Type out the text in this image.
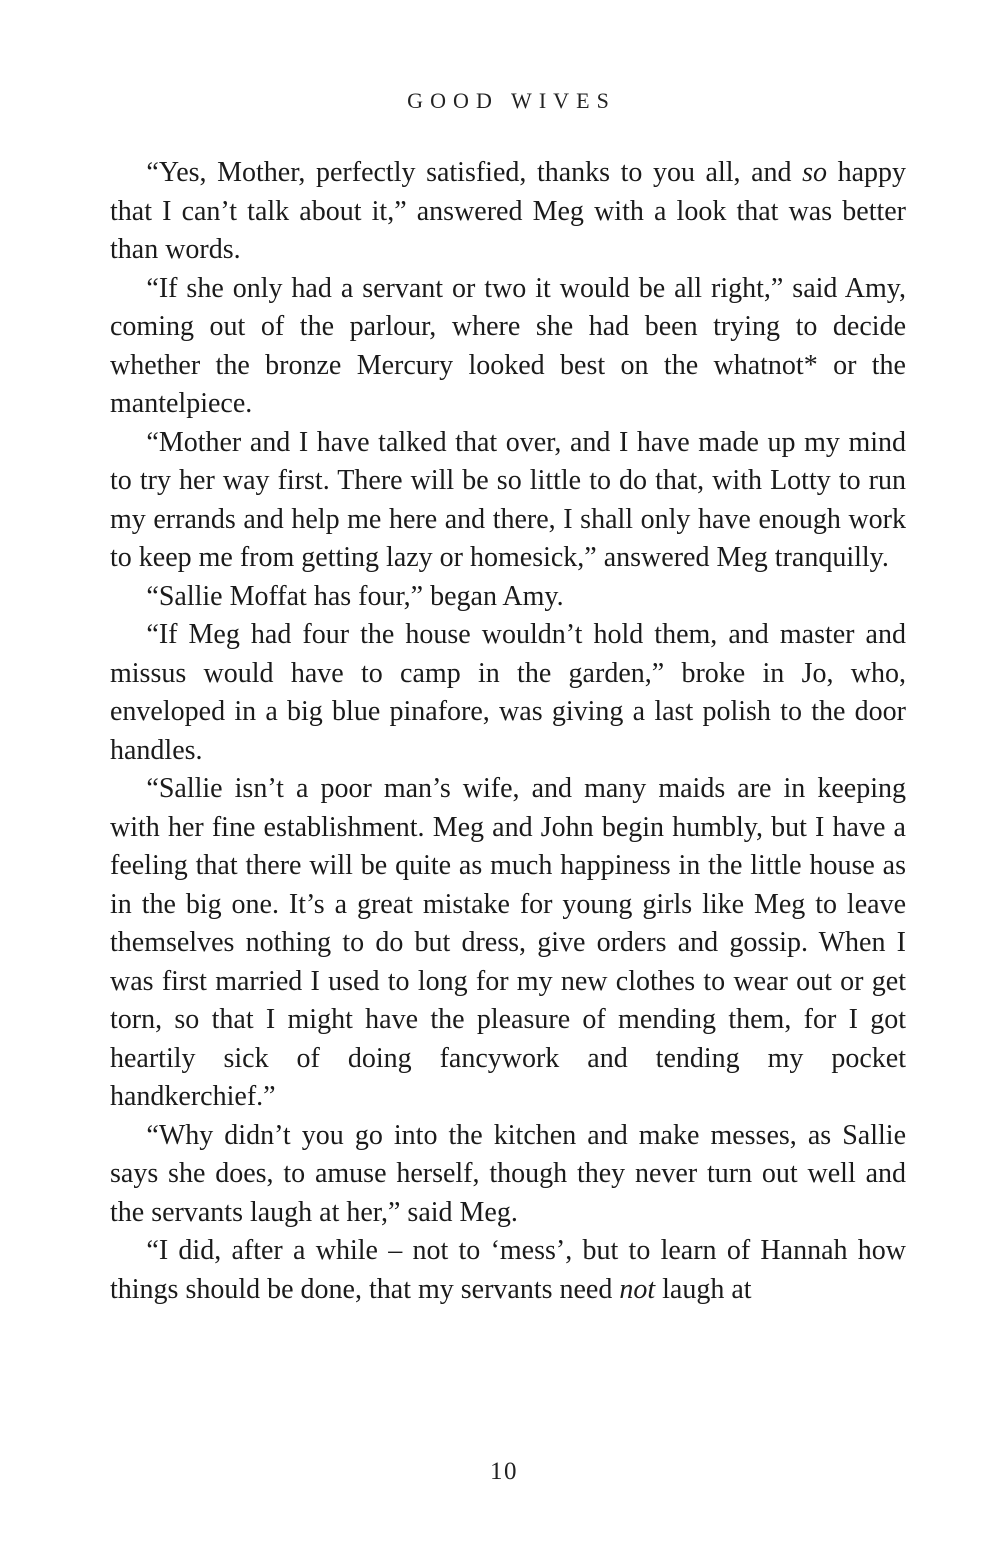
GOOD WIVES

“Yes, Mother, perfectly satisfied, thanks to you all, and so happy that I can’t talk about it,” answered Meg with a look that was better than words.

“If she only had a servant or two it would be all right,” said Amy, coming out of the parlour, where she had been trying to decide whether the bronze Mercury looked best on the whatnot* or the mantelpiece.

“Mother and I have talked that over, and I have made up my mind to try her way first. There will be so little to do that, with Lotty to run my errands and help me here and there, I shall only have enough work to keep me from getting lazy or homesick,” answered Meg tranquilly.

“Sallie Moffat has four,” began Amy.

“If Meg had four the house wouldn’t hold them, and master and missus would have to camp in the garden,” broke in Jo, who, enveloped in a big blue pinafore, was giving a last polish to the door handles.

“Sallie isn’t a poor man’s wife, and many maids are in keeping with her fine establishment. Meg and John begin humbly, but I have a feeling that there will be quite as much happiness in the little house as in the big one. It’s a great mistake for young girls like Meg to leave themselves nothing to do but dress, give orders and gossip. When I was first married I used to long for my new clothes to wear out or get torn, so that I might have the pleasure of mending them, for I got heartily sick of doing fancywork and tending my pocket handkerchief.”

“Why didn’t you go into the kitchen and make messes, as Sallie says she does, to amuse herself, though they never turn out well and the servants laugh at her,” said Meg.

“I did, after a while – not to ‘mess’, but to learn of Hannah how things should be done, that my servants need not laugh at

10
